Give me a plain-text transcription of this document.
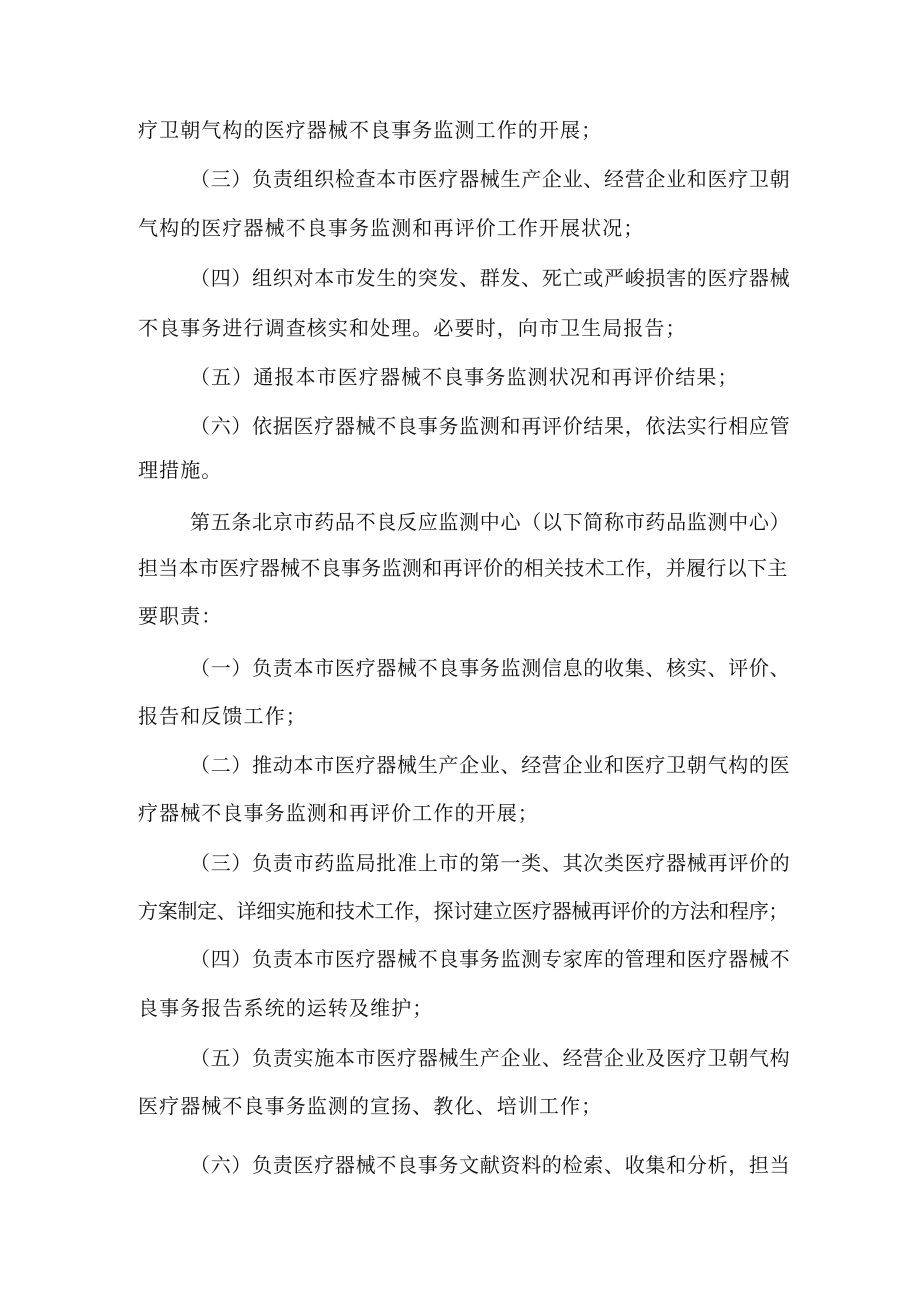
疗卫朝气构的医疗器械不良事务监测工作的开展；
（三）负责组织检查本市医疗器械生产企业、经营企业和医疗卫朝
气构的医疗器械不良事务监测和再评价工作开展状况；
（四）组织对本市发生的突发、群发、死亡或严峻损害的医疗器械
不良事务进行调查核实和处理。必要时，向市卫生局报告；
（五）通报本市医疗器械不良事务监测状况和再评价结果；
（六）依据医疗器械不良事务监测和再评价结果，依法实行相应管
理措施。
第五条北京市药品不良反应监测中心（以下简称市药品监测中心）
担当本市医疗器械不良事务监测和再评价的相关技术工作，并履行以下主
要职责：
（一）负责本市医疗器械不良事务监测信息的收集、核实、评价、
报告和反馈工作；
（二）推动本市医疗器械生产企业、经营企业和医疗卫朝气构的医
疗器械不良事务监测和再评价工作的开展；
（三）负责市药监局批准上市的第一类、其次类医疗器械再评价的
方案制定、详细实施和技术工作，探讨建立医疗器械再评价的方法和程序；
（四）负责本市医疗器械不良事务监测专家库的管理和医疗器械不
良事务报告系统的运转及维护；
（五）负责实施本市医疗器械生产企业、经营企业及医疗卫朝气构
医疗器械不良事务监测的宣扬、教化、培训工作；
（六）负责医疗器械不良事务文献资料的检索、收集和分析，担当
